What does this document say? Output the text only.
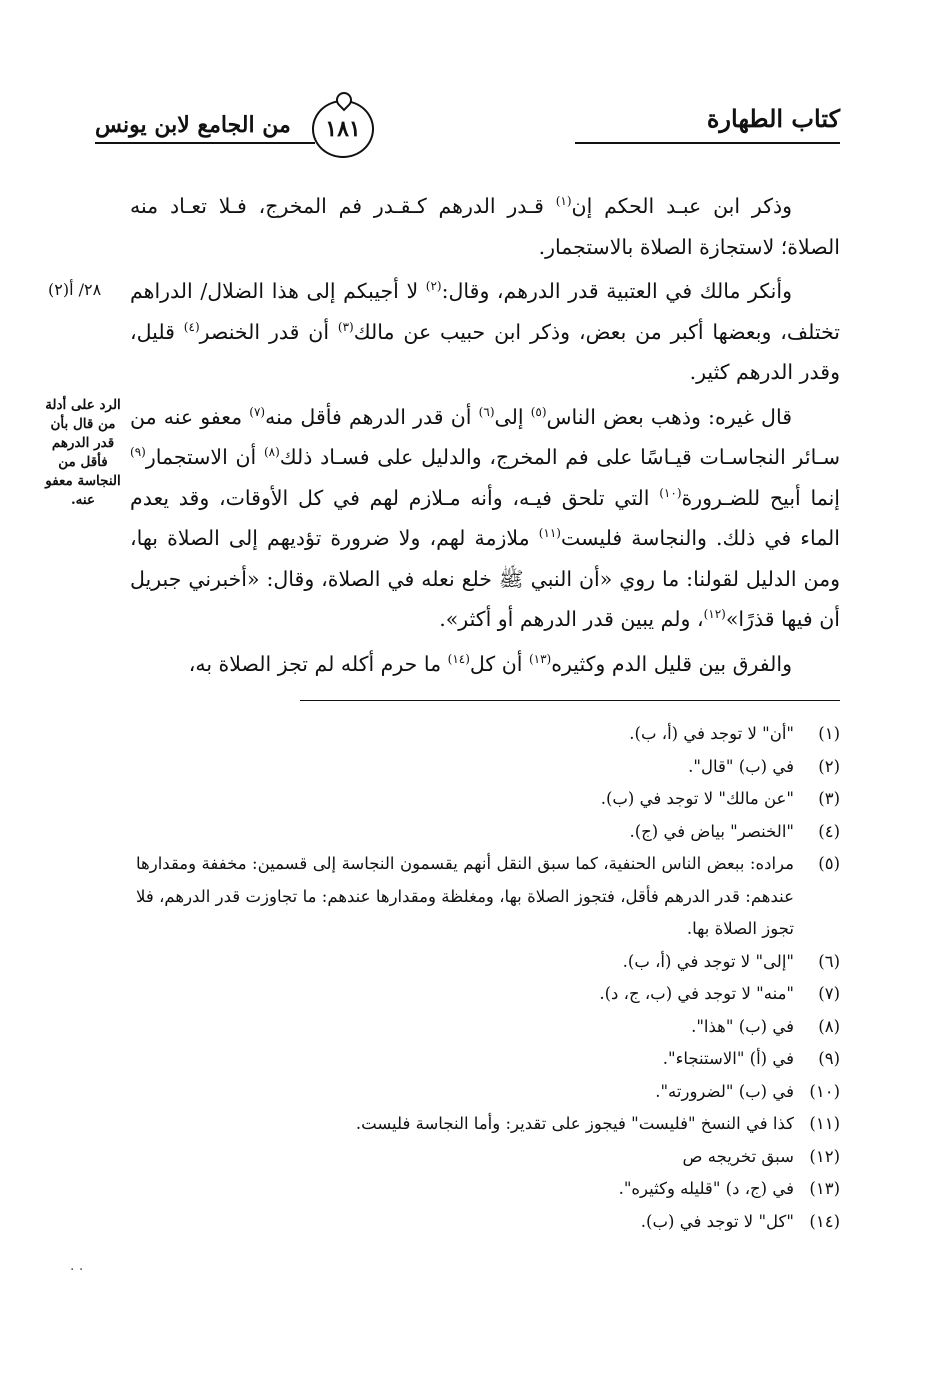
كتاب الطهارة
١٨١
من الجامع لابن يونس
٢٨/ أ(٢)
الرد على أدلة من قال بأن قدر الدرهم فأقل من النجاسة معفو عنه.

وذكر ابن عبـد الحكم إن$^{(١)}$ قـدر الدرهم كـقـدر فم المخرج، فـلا تعـاد منه الصلاة؛ لاستجازة الصلاة بالاستجمار.

وأنكر مالك في العتبية قدر الدرهم، وقال:$^{(٢)}$ لا أجيبكم إلى هذا الضلال/ الدراهم تختلف، وبعضها أكبر من بعض، وذكر ابن حبيب عن مالك$^{(٣)}$ أن قدر الخنصر$^{(٤)}$ قليل، وقدر الدرهم كثير.

قال غيره: وذهب بعض الناس$^{(٥)}$ إلى$^{(٦)}$ أن قدر الدرهم فأقل منه$^{(٧)}$ معفو عنه من سـائر النجاسـات قيـاسًا على فم المخرج، والدليل على فسـاد ذلك$^{(٨)}$ أن الاستجمار$^{(٩)}$ إنما أبيح للضـرورة$^{(١٠)}$ التي تلحق فيـه، وأنه مـلازم لهم في كل الأوقات، وقد يعدم الماء في ذلك. والنجاسة فليست$^{(١١)}$ ملازمة لهم، ولا ضرورة تؤديهم إلى الصلاة بها، ومن الدليل لقولنا: ما روي «أن النبي ﷺ خلع نعله في الصلاة، وقال: «أخبرني جبريل أن فيها قذرًا»$^{(١٢)}$، ولم يبين قدر الدرهم أو أكثر».

والفرق بين قليل الدم وكثيره$^{(١٣)}$ أن كل$^{(١٤)}$ ما حرم أكله لم تجز الصلاة به،

(١)
"أن" لا توجد في (أ، ب).
(٢)
في (ب) "قال".
(٣)
"عن مالك" لا توجد في (ب).
(٤)
"الخنصر" بياض في (ج).
(٥)
مراده: ببعض الناس الحنفية، كما سبق النقل أنهم يقسمون النجاسة إلى قسمين: مخففة ومقدارها عندهم: قدر الدرهم فأقل، فتجوز الصلاة بها، ومغلظة ومقدارها عندهم: ما تجاوزت قدر الدرهم، فلا تجوز الصلاة بها.
(٦)
"إلى" لا توجد في (أ، ب).
(٧)
"منه" لا توجد في (ب، ج، د).
(٨)
في (ب) "هذا".
(٩)
في (أ) "الاستنجاء".
(١٠)
في (ب) "لضرورته".
(١١)
كذا في النسخ "فليست" فيجوز على تقدير: وأما النجاسة فليست.
(١٢)
سبق تخريجه ص
(١٣)
في (ج، د) "قليله وكثيره".
(١٤)
"كل" لا توجد في (ب).
· ·
